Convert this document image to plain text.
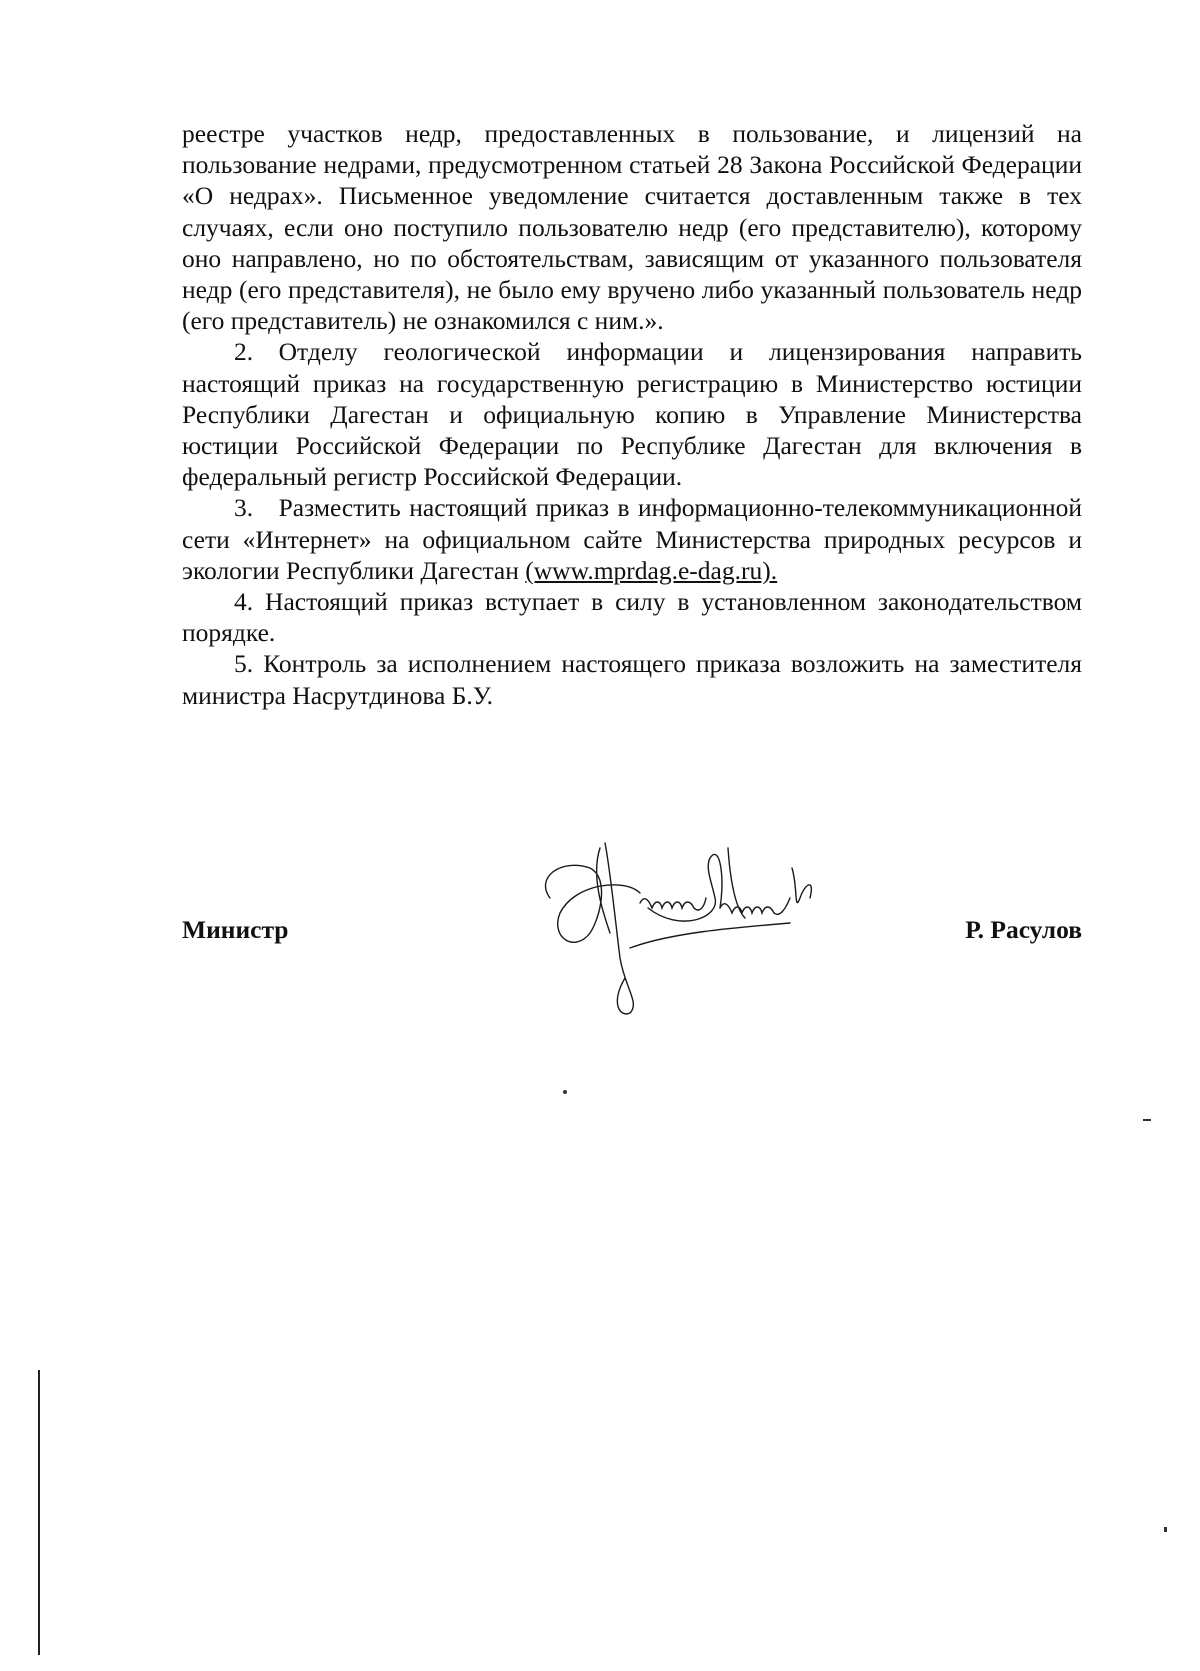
реестре участков недр, предоставленных в пользование, и лицензий на пользование недрами, предусмотренном статьей 28 Закона Российской Федерации «О недрах». Письменное уведомление считается доставленным также в тех случаях, если оно поступило пользователю недр (его представителю), которому оно направлено, но по обстоятельствам, зависящим от указанного пользователя недр (его представителя), не было ему вручено либо указанный пользователь недр (его представитель) не ознакомился с ним.».

2. Отделу геологической информации и лицензирования направить настоящий приказ на государственную регистрацию в Министерство юстиции Республики Дагестан и официальную копию в Управление Министерства юстиции Российской Федерации по Республике Дагестан для включения в федеральный регистр Российской Федерации.

3. Разместить настоящий приказ в информационно-телекоммуникационной сети «Интернет» на официальном сайте Министерства природных ресурсов и экологии Республики Дагестан (www.mprdag.e-dag.ru).

4. Настоящий приказ вступает в силу в установленном законодательством порядке.

5. Контроль за исполнением настоящего приказа возложить на заместителя министра Насрутдинова Б.У.

Министр	Р. Расулов
